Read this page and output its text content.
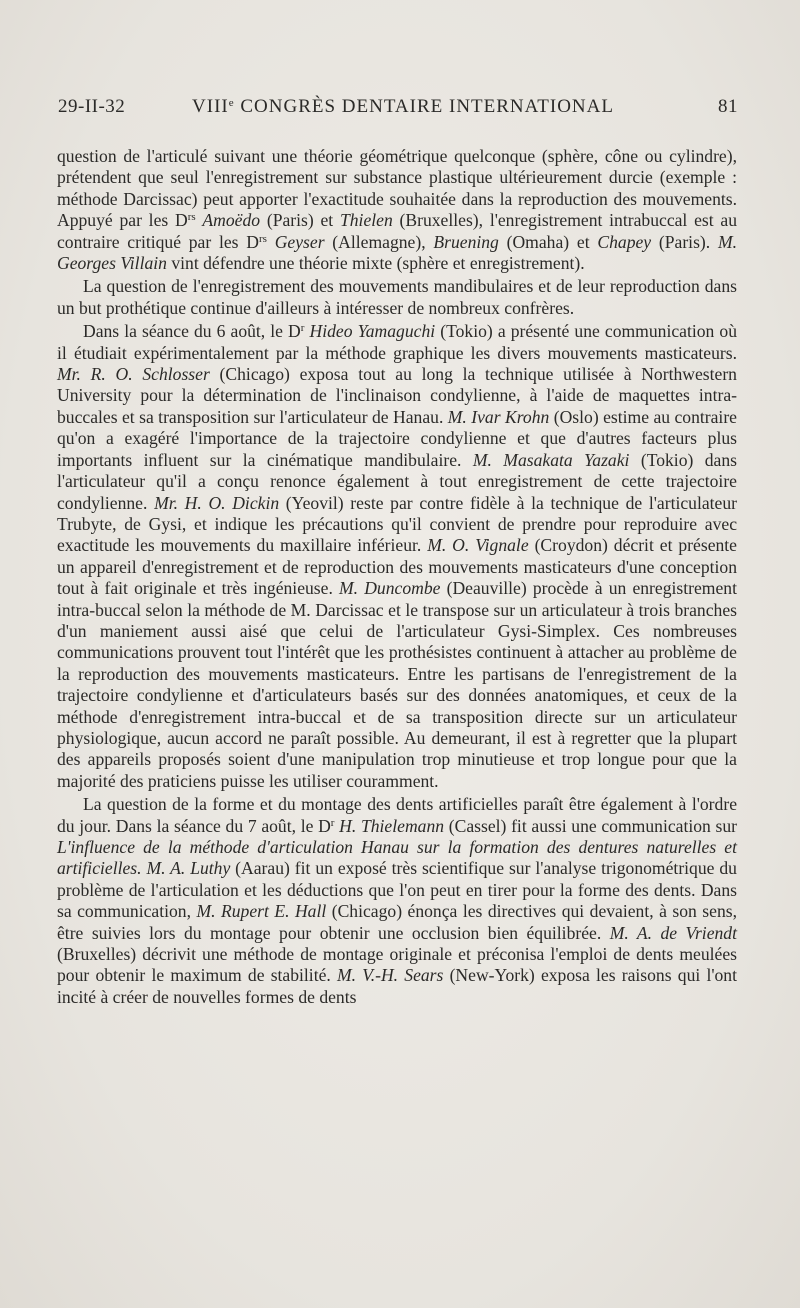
29-II-32	VIIIe CONGRÈS DENTAIRE INTERNATIONAL	81

question de l'articulé suivant une théorie géométrique quelconque (sphère, cône ou cylindre), prétendent que seul l'enregistrement sur substance plastique ultérieurement durcie (exemple : méthode Darcissac) peut apporter l'exactitude souhaitée dans la reproduction des mouvements. Appuyé par les $D^{rs}$ Amoëdo (Paris) et Thielen (Bruxelles), l'enregistrement intrabuccal est au contraire critiqué par les $D^{rs}$ Geyser (Allemagne), Bruening (Omaha) et Chapey (Paris). M. Georges Villain vint défendre une théorie mixte (sphère et enregistrement).

La question de l'enregistrement des mouvements mandibulaires et de leur reproduction dans un but prothétique continue d'ailleurs à intéresser de nombreux confrères.

Dans la séance du 6 août, le $D^r$ Hideo Yamaguchi (Tokio) a présenté une communication où il étudiait expérimentalement par la méthode graphique les divers mouvements masticateurs. Mr. R. O. Schlosser (Chicago) exposa tout au long la technique utilisée à Northwestern University pour la détermination de l'inclinaison condylienne, à l'aide de maquettes intra-buccales et sa transposition sur l'articulateur de Hanau. M. Ivar Krohn (Oslo) estime au contraire qu'on a exagéré l'importance de la trajectoire condylienne et que d'autres facteurs plus importants influent sur la cinématique mandibulaire. M. Masakata Yazaki (Tokio) dans l'articulateur qu'il a conçu renonce également à tout enregistrement de cette trajectoire condylienne. Mr. H. O. Dickin (Yeovil) reste par contre fidèle à la technique de l'articulateur Trubyte, de Gysi, et indique les précautions qu'il convient de prendre pour reproduire avec exactitude les mouvements du maxillaire inférieur. M. O. Vignale (Croydon) décrit et présente un appareil d'enregistrement et de reproduction des mouvements masticateurs d'une conception tout à fait originale et très ingénieuse. M. Duncombe (Deauville) procède à un enregistrement intra-buccal selon la méthode de M. Darcissac et le transpose sur un articulateur à trois branches d'un maniement aussi aisé que celui de l'articulateur Gysi-Simplex. Ces nombreuses communications prouvent tout l'intérêt que les prothésistes continuent à attacher au problème de la reproduction des mouvements masticateurs. Entre les partisans de l'enregistrement de la trajectoire condylienne et d'articulateurs basés sur des données anatomiques, et ceux de la méthode d'enregistrement intra-buccal et de sa transposition directe sur un articulateur physiologique, aucun accord ne paraît possible. Au demeurant, il est à regretter que la plupart des appareils proposés soient d'une manipulation trop minutieuse et trop longue pour que la majorité des praticiens puisse les utiliser couramment.

La question de la forme et du montage des dents artificielles paraît être également à l'ordre du jour. Dans la séance du 7 août, le $D^r$ H. Thielemann (Cassel) fit aussi une communication sur L'influence de la méthode d'articulation Hanau sur la formation des dentures naturelles et artificielles. M. A. Luthy (Aarau) fit un exposé très scientifique sur l'analyse trigonométrique du problème de l'articulation et les déductions que l'on peut en tirer pour la forme des dents. Dans sa communication, M. Rupert E. Hall (Chicago) énonça les directives qui devaient, à son sens, être suivies lors du montage pour obtenir une occlusion bien équilibrée. M. A. de Vriendt (Bruxelles) décrivit une méthode de montage originale et préconisa l'emploi de dents meulées pour obtenir le maximum de stabilité. M. V.-H. Sears (New-York) exposa les raisons qui l'ont incité à créer de nouvelles formes de dents
